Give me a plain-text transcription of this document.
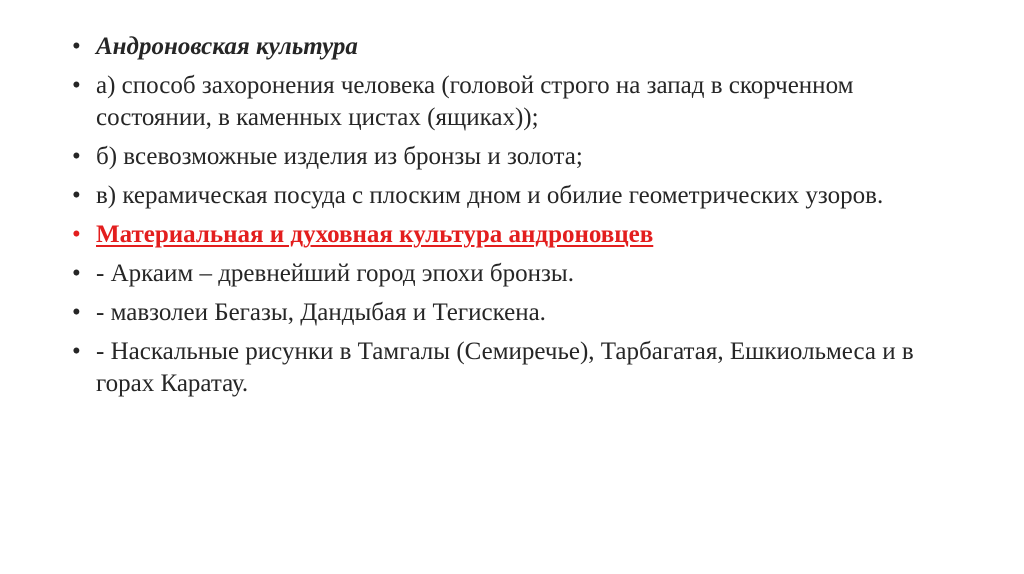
• Андроновская культура
• а) способ захоронения человека (головой строго на запад в скорченном состоянии, в каменных цистах (ящиках));
• б) всевозможные изделия из бронзы и золота;
• в) керамическая посуда с плоским дном и обилие геометрических узоров.
• Материальная и духовная культура андроновцев
• - Аркаим – древнейший город эпохи бронзы.
• - мавзолеи Бегазы, Дандыбая и Тегискена.
• - Наскальные рисунки в Тамгалы (Семиречье), Тарбагатая, Ешкиольмеса и в горах Каратау.
